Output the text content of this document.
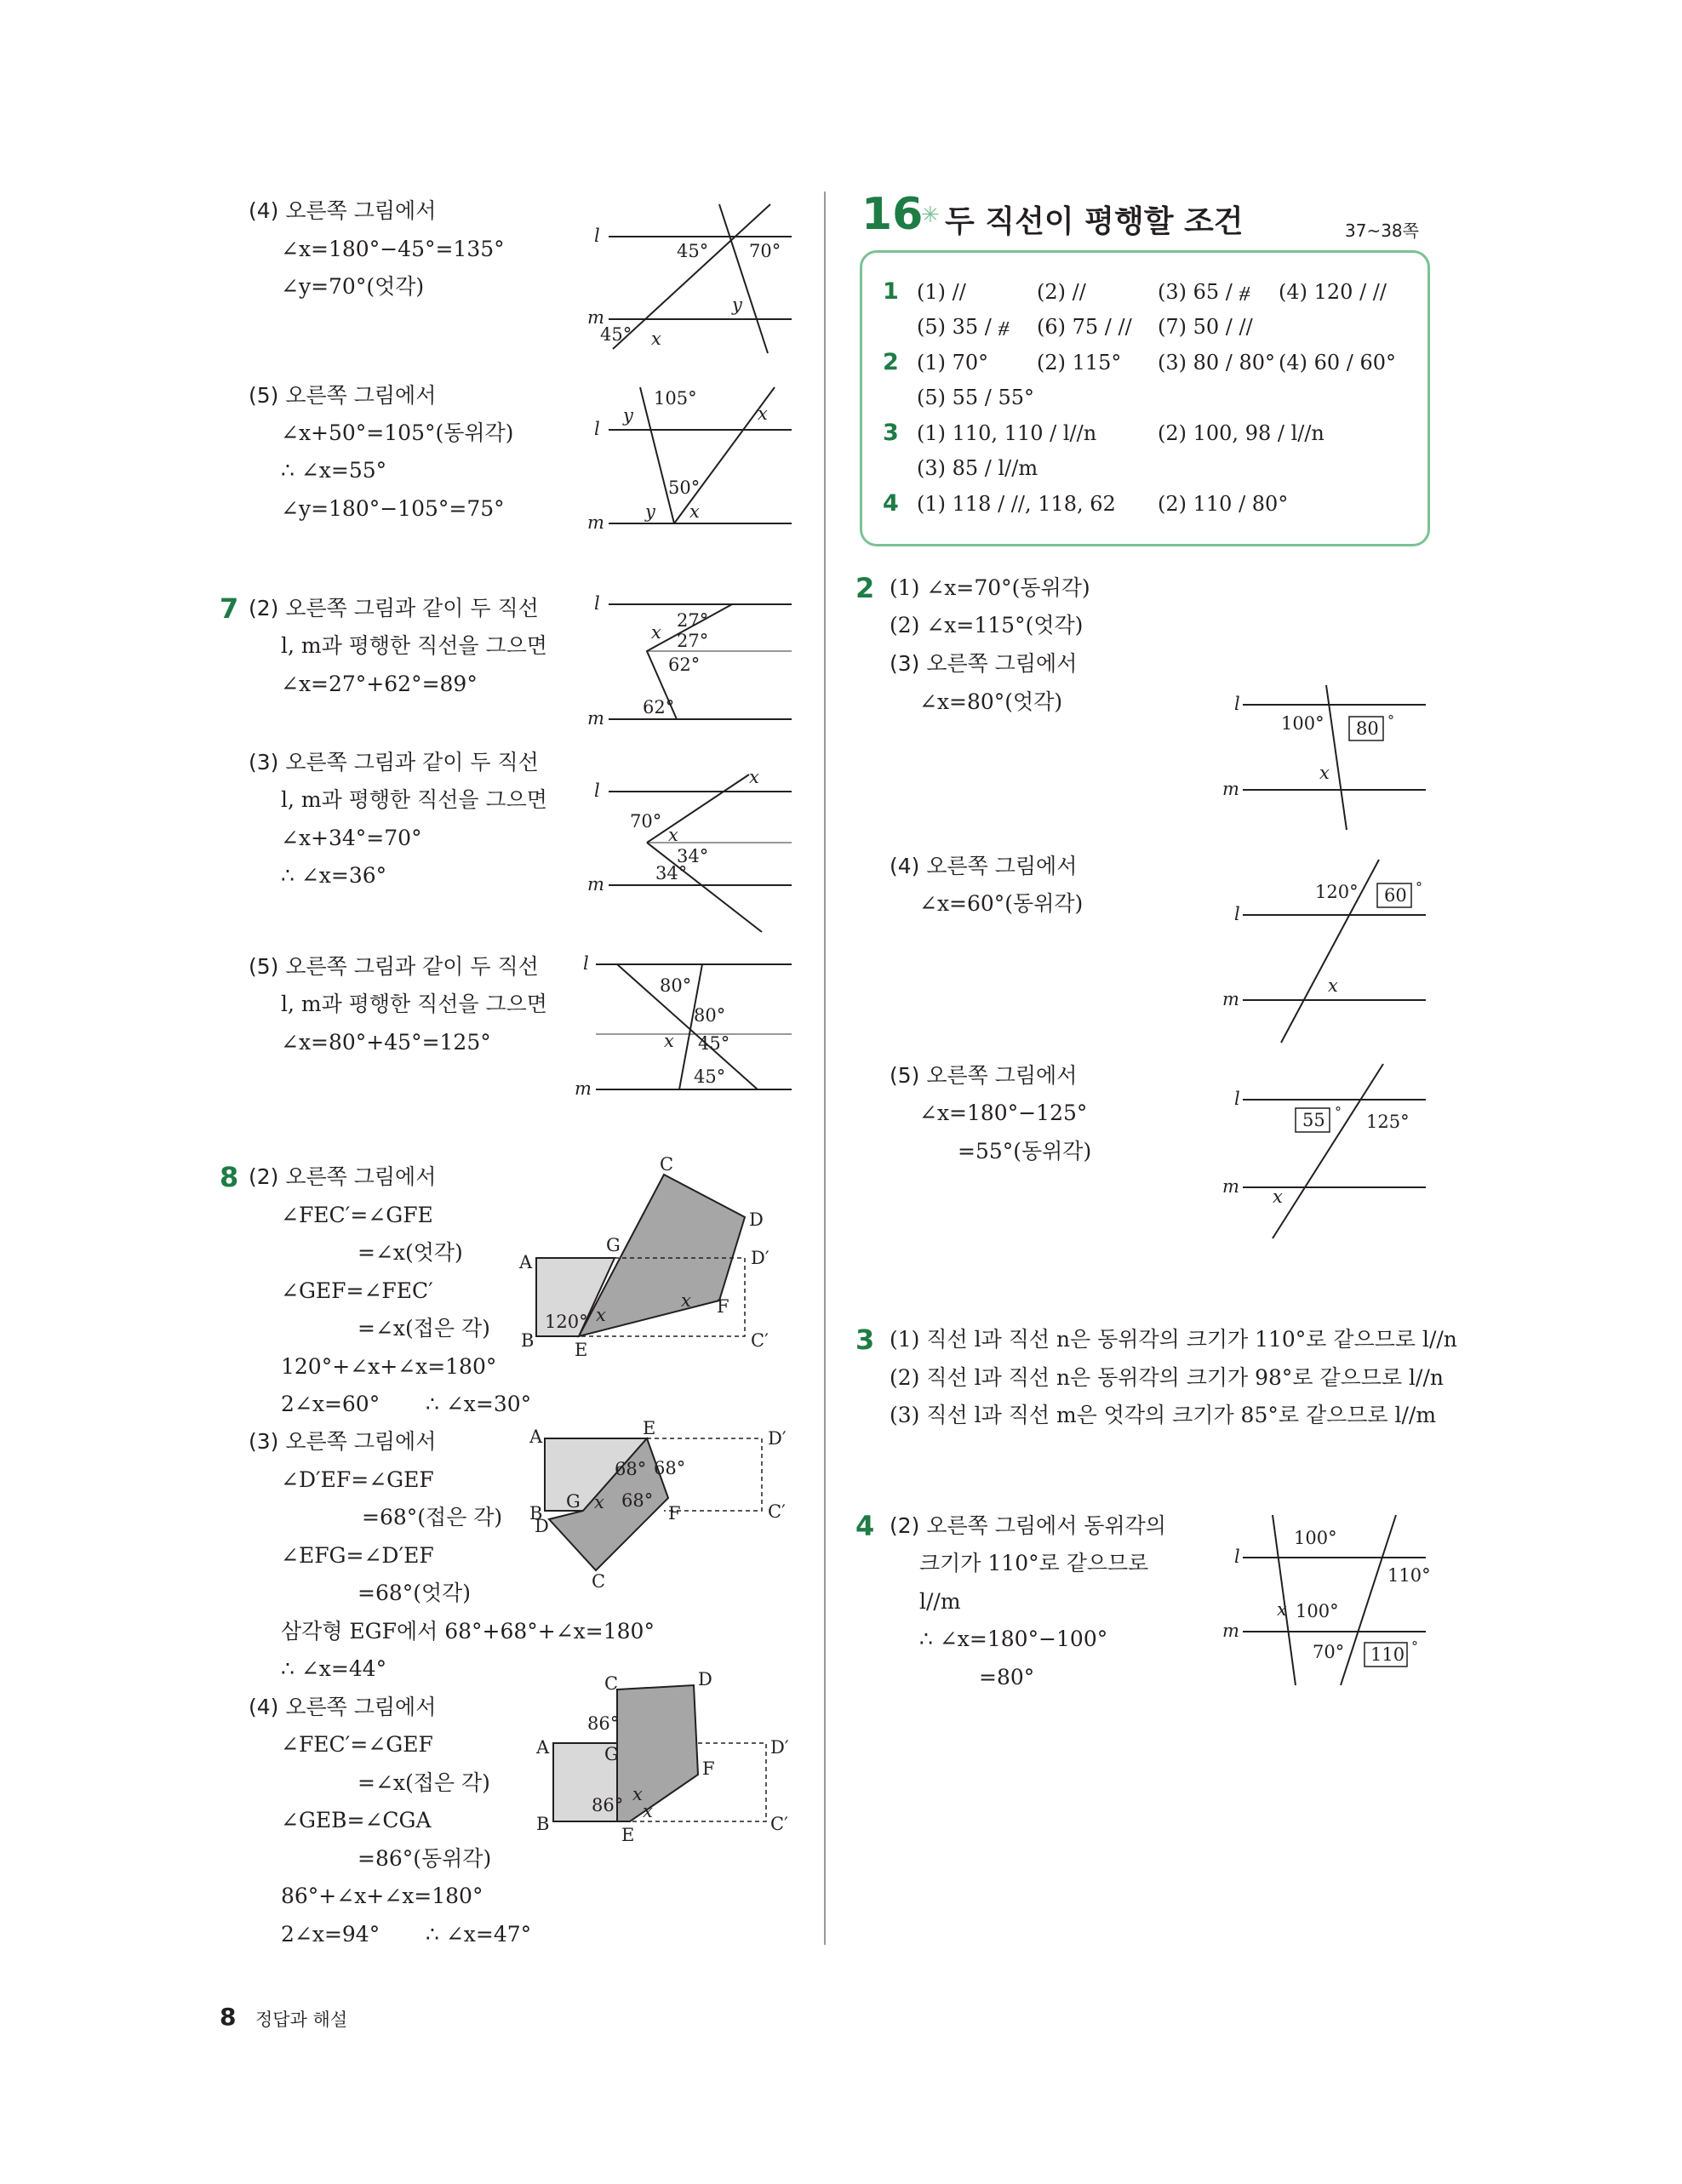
(4) 오른쪽 그림에서
∠x=180°−45°=135°
∠y=70°(엇각)
(5) 오른쪽 그림에서
∠x+50°=105°(동위각)
∴ ∠x=55°
∠y=180°−105°=75°
7 (2) 오른쪽 그림과 같이 두 직선
l, m과 평행한 직선을 그으면
∠x=27°+62°=89°
(3) 오른쪽 그림과 같이 두 직선
l, m과 평행한 직선을 그으면
∠x+34°=70°
∴ ∠x=36°
(5) 오른쪽 그림과 같이 두 직선
l, m과 평행한 직선을 그으면
∠x=80°+45°=125°
8 (2) 오른쪽 그림에서
∠FEC′=∠GFE
=∠x(엇각)
∠GEF=∠FEC′
=∠x(접은 각)
120°+∠x+∠x=180°
2∠x=60° ∴ ∠x=30°
(3) 오른쪽 그림에서
∠D′EF=∠GEF
=68°(접은 각)
∠EFG=∠D′EF
=68°(엇각)
삼각형 EGF에서 68°+68°+∠x=180°
∴ ∠x=44°
(4) 오른쪽 그림에서
∠FEC′=∠GEF
=∠x(접은 각)
∠GEB=∠CGA
=86°(동위각)
86°+∠x+∠x=180°
2∠x=94° ∴ ∠x=47°
l
m
45° 70°
45° x
y
l
m
105°
y	x
50°
y x
l
m
27°
x 27°
62°
62°
l
m
x
70°
x
34°
34°
l
m
80°
80°
x 45°
45°
A
B
C
D
D′
C′
E
F
G
120°
x
x
A
B
C
D
D′
C′
E
F
G
68° 68°
68°
x
A
B
C	D
D′
C′
E
F
G
86°
86°
x
x
16
✳ 두 직선이 평행할 조건	37~38쪽
1 (1) //	(2) //	(3) 65 / ⧣ (4) 120 / //
(5) 35 / ⧣ (6) 75 / // (7) 50 / //
2 (1) 70° (2) 115° (3) 80 / 80° (4) 60 / 60°
(5) 55 / 55°
3 (1) 110, 110 / l//n	(2) 100, 98 / l//n
(3) 85 / l//m
4 (1) 118 / //, 118, 62 (2) 110 / 80°
2 (1) ∠x=70°(동위각)
(2) ∠x=115°(엇각)
(3) 오른쪽 그림에서
∠x=80°(엇각)
(4) 오른쪽 그림에서
∠x=60°(동위각)
(5) 오른쪽 그림에서
∠x=180°−125°
=55°(동위각)
3 (1) 직선 l과 직선 n은 동위각의 크기가 110°로 같으므로 l//n
(2) 직선 l과 직선 n은 동위각의 크기가 98°로 같으므로 l//n
(3) 직선 l과 직선 m은 엇각의 크기가 85°로 같으므로 l//m
4 (2) 오른쪽 그림에서 동위각의
크기가 110°로 같으므로
l//m
∴ ∠x=180°−100°
=80°
l
m
100° 80 °
x
l
m
120° 60 °
x
l
m
55 ° 125°
x
l
m
100°
110°
x 100°
70° 110 °
8 정답과 해설
